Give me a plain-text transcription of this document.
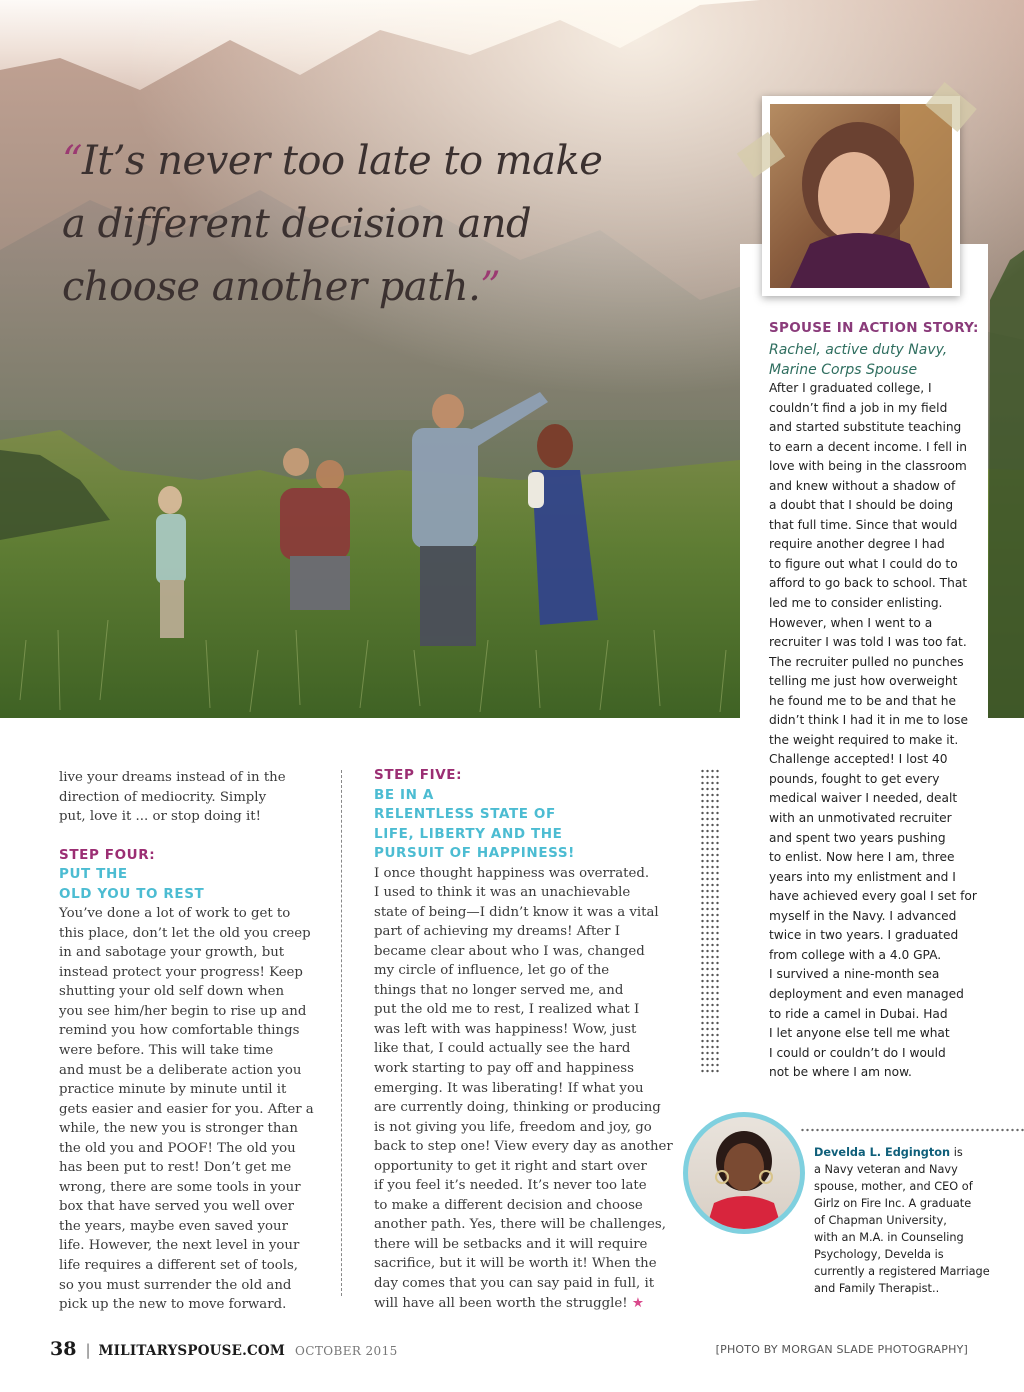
“It’s never too late to make
a different decision and
choose another path.”

SPOUSE IN ACTION STORY:

Rachel, active duty Navy,
Marine Corps Spouse

After I graduated college, I
couldn’t find a job in my field
and started substitute teaching
to earn a decent income. I fell in
love with being in the classroom
and knew without a shadow of
a doubt that I should be doing
that full time. Since that would
require another degree I had
to figure out what I could do to
afford to go back to school. That
led me to consider enlisting.
However, when I went to a
recruiter I was told I was too fat.
The recruiter pulled no punches
telling me just how overweight
he found me to be and that he
didn’t think I had it in me to lose
the weight required to make it.
Challenge accepted! I lost 40
pounds, fought to get every
medical waiver I needed, dealt
with an unmotivated recruiter
and spent two years pushing
to enlist. Now here I am, three
years into my enlistment and I
have achieved every goal I set for
myself in the Navy. I advanced
twice in two years. I graduated
from college with a 4.0 GPA.
I survived a nine-month sea
deployment and even managed
to ride a camel in Dubai. Had
I let anyone else tell me what
I could or couldn’t do I would
not be where I am now.
live your dreams instead of in the
direction of mediocrity. Simply
put, love it ... or stop doing it!
STEP FOUR:
PUT THE
OLD YOU TO REST
You’ve done a lot of work to get to
this place, don’t let the old you creep
in and sabotage your growth, but
instead protect your progress! Keep
shutting your old self down when
you see him/her begin to rise up and
remind you how comfortable things
were before. This will take time
and must be a deliberate action you
practice minute by minute until it
gets easier and easier for you. After a
while, the new you is stronger than
the old you and POOF! The old you
has been put to rest! Don’t get me
wrong, there are some tools in your
box that have served you well over
the years, maybe even saved your
life. However, the next level in your
life requires a different set of tools,
so you must surrender the old and
pick up the new to move forward.
STEP FIVE:
BE IN A
RELENTLESS STATE OF
LIFE, LIBERTY AND THE
PURSUIT OF HAPPINESS!
I once thought happiness was overrated.
I used to think it was an unachievable
state of being—I didn’t know it was a vital
part of achieving my dreams! After I
became clear about who I was, changed
my circle of influence, let go of the
things that no longer served me, and
put the old me to rest, I realized what I
was left with was happiness! Wow, just
like that, I could actually see the hard
work starting to pay off and happiness
emerging. It was liberating! If what you
are currently doing, thinking or producing
is not giving you life, freedom and joy, go
back to step one! View every day as another
opportunity to get it right and start over
if you feel it’s needed. It’s never too late
to make a different decision and choose
another path. Yes, there will be challenges,
there will be setbacks and it will require
sacrifice, but it will be worth it! When the
day comes that you can say paid in full, it
will have all been worth the struggle! ★
Develda L. Edgington is
a Navy veteran and Navy
spouse, mother, and CEO of
Girlz on Fire Inc. A graduate
of Chapman University,
with an M.A. in Counseling
Psychology, Develda is
currently a registered Marriage
and Family Therapist..
38 | MILITARYSPOUSE.COM OCTOBER 2015	[PHOTO BY MORGAN SLADE PHOTOGRAPHY]
